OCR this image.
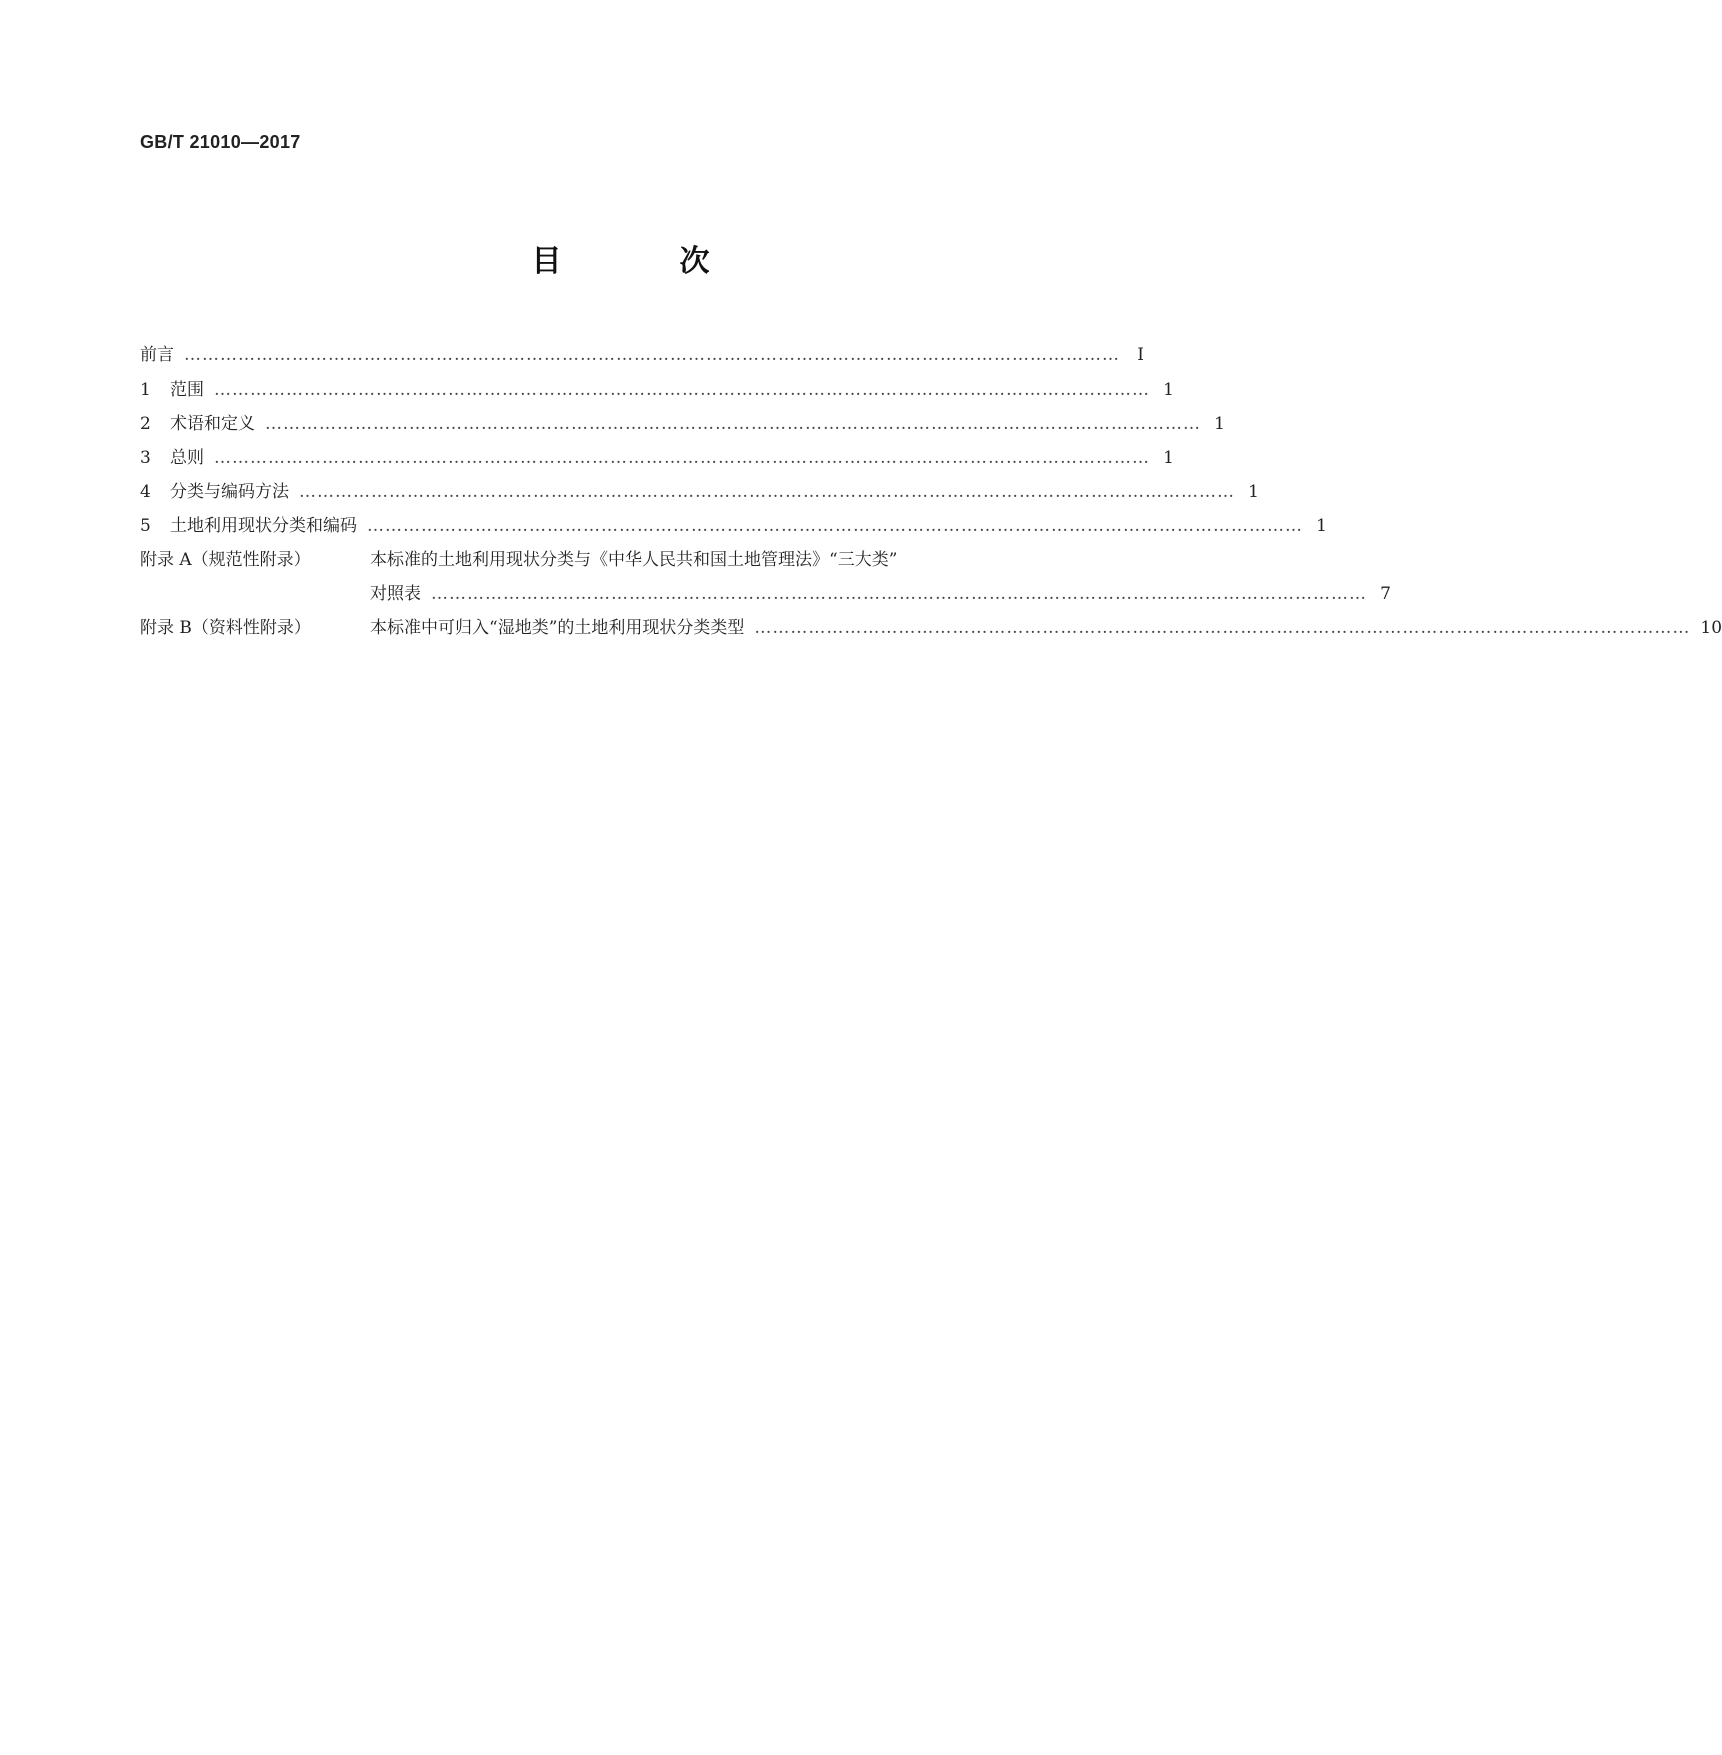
GB/T 21010—2017
目　次
前言 …………………………………………………………………………………………………………………………………………	Ⅰ
1	范围 ………………………………………………………………………………………………………………………………………… 1
2	术语和定义 ………………………………………………………………………………………………………………………………………… 1
3	总则 ………………………………………………………………………………………………………………………………………… 1
4	分类与编码方法 ………………………………………………………………………………………………………………………………………… 1
5	土地利用现状分类和编码 ………………………………………………………………………………………………………………………………………… 1
附录 A（规范性附录）	本标准的土地利用现状分类与《中华人民共和国土地管理法》“三大类”
对照表 ………………………………………………………………………………………………………………………………………… 7
附录 B（资料性附录）	本标准中可归入“湿地类”的土地利用现状分类类型 ………………………………………………………………………………………………………………………………………… 10
